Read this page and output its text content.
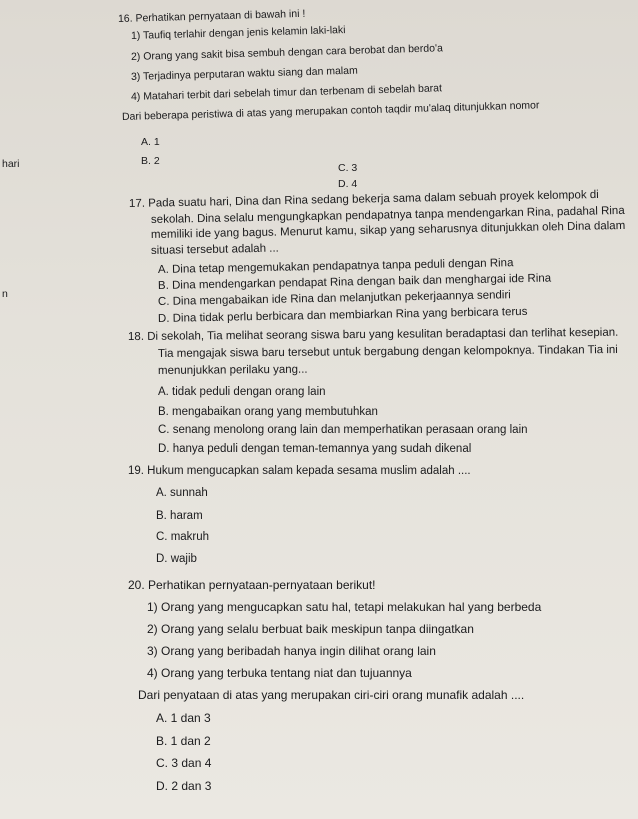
hari
n
16. Perhatikan pernyataan di bawah ini !
1) Taufiq terlahir dengan jenis kelamin laki-laki
2) Orang yang sakit bisa sembuh dengan cara berobat dan berdo'a
3) Terjadinya perputaran waktu siang dan malam
4) Matahari terbit dari sebelah timur dan terbenam di sebelah barat
Dari beberapa peristiwa di atas yang merupakan contoh taqdir mu'alaq ditunjukkan nomor
A. 1
B. 2
C. 3
D. 4
17. Pada suatu hari, Dina dan Rina sedang bekerja sama dalam sebuah proyek kelompok di
sekolah. Dina selalu mengungkapkan pendapatnya tanpa mendengarkan Rina, padahal Rina
memiliki ide yang bagus. Menurut kamu, sikap yang seharusnya ditunjukkan oleh Dina dalam
situasi tersebut adalah ...
A. Dina tetap mengemukakan pendapatnya tanpa peduli dengan Rina
B. Dina mendengarkan pendapat Rina dengan baik dan menghargai ide Rina
C. Dina mengabaikan ide Rina dan melanjutkan pekerjaannya sendiri
D. Dina tidak perlu berbicara dan membiarkan Rina yang berbicara terus
18. Di sekolah, Tia melihat seorang siswa baru yang kesulitan beradaptasi dan terlihat kesepian.
Tia mengajak siswa baru tersebut untuk bergabung dengan kelompoknya. Tindakan Tia ini
menunjukkan perilaku yang...
A. tidak peduli dengan orang lain
B. mengabaikan orang yang membutuhkan
C. senang menolong orang lain dan memperhatikan perasaan orang lain
D. hanya peduli dengan teman-temannya yang sudah dikenal
19. Hukum mengucapkan salam kepada sesama muslim adalah ....
A. sunnah
B. haram
C. makruh
D. wajib
20. Perhatikan pernyataan-pernyataan berikut!
1) Orang yang mengucapkan satu hal, tetapi melakukan hal yang berbeda
2) Orang yang selalu berbuat baik meskipun tanpa diingatkan
3) Orang yang beribadah hanya ingin dilihat orang lain
4) Orang yang terbuka tentang niat dan tujuannya
Dari penyataan di atas yang merupakan ciri-ciri orang munafik adalah ....
A. 1 dan 3
B. 1 dan 2
C. 3 dan 4
D. 2 dan 3
